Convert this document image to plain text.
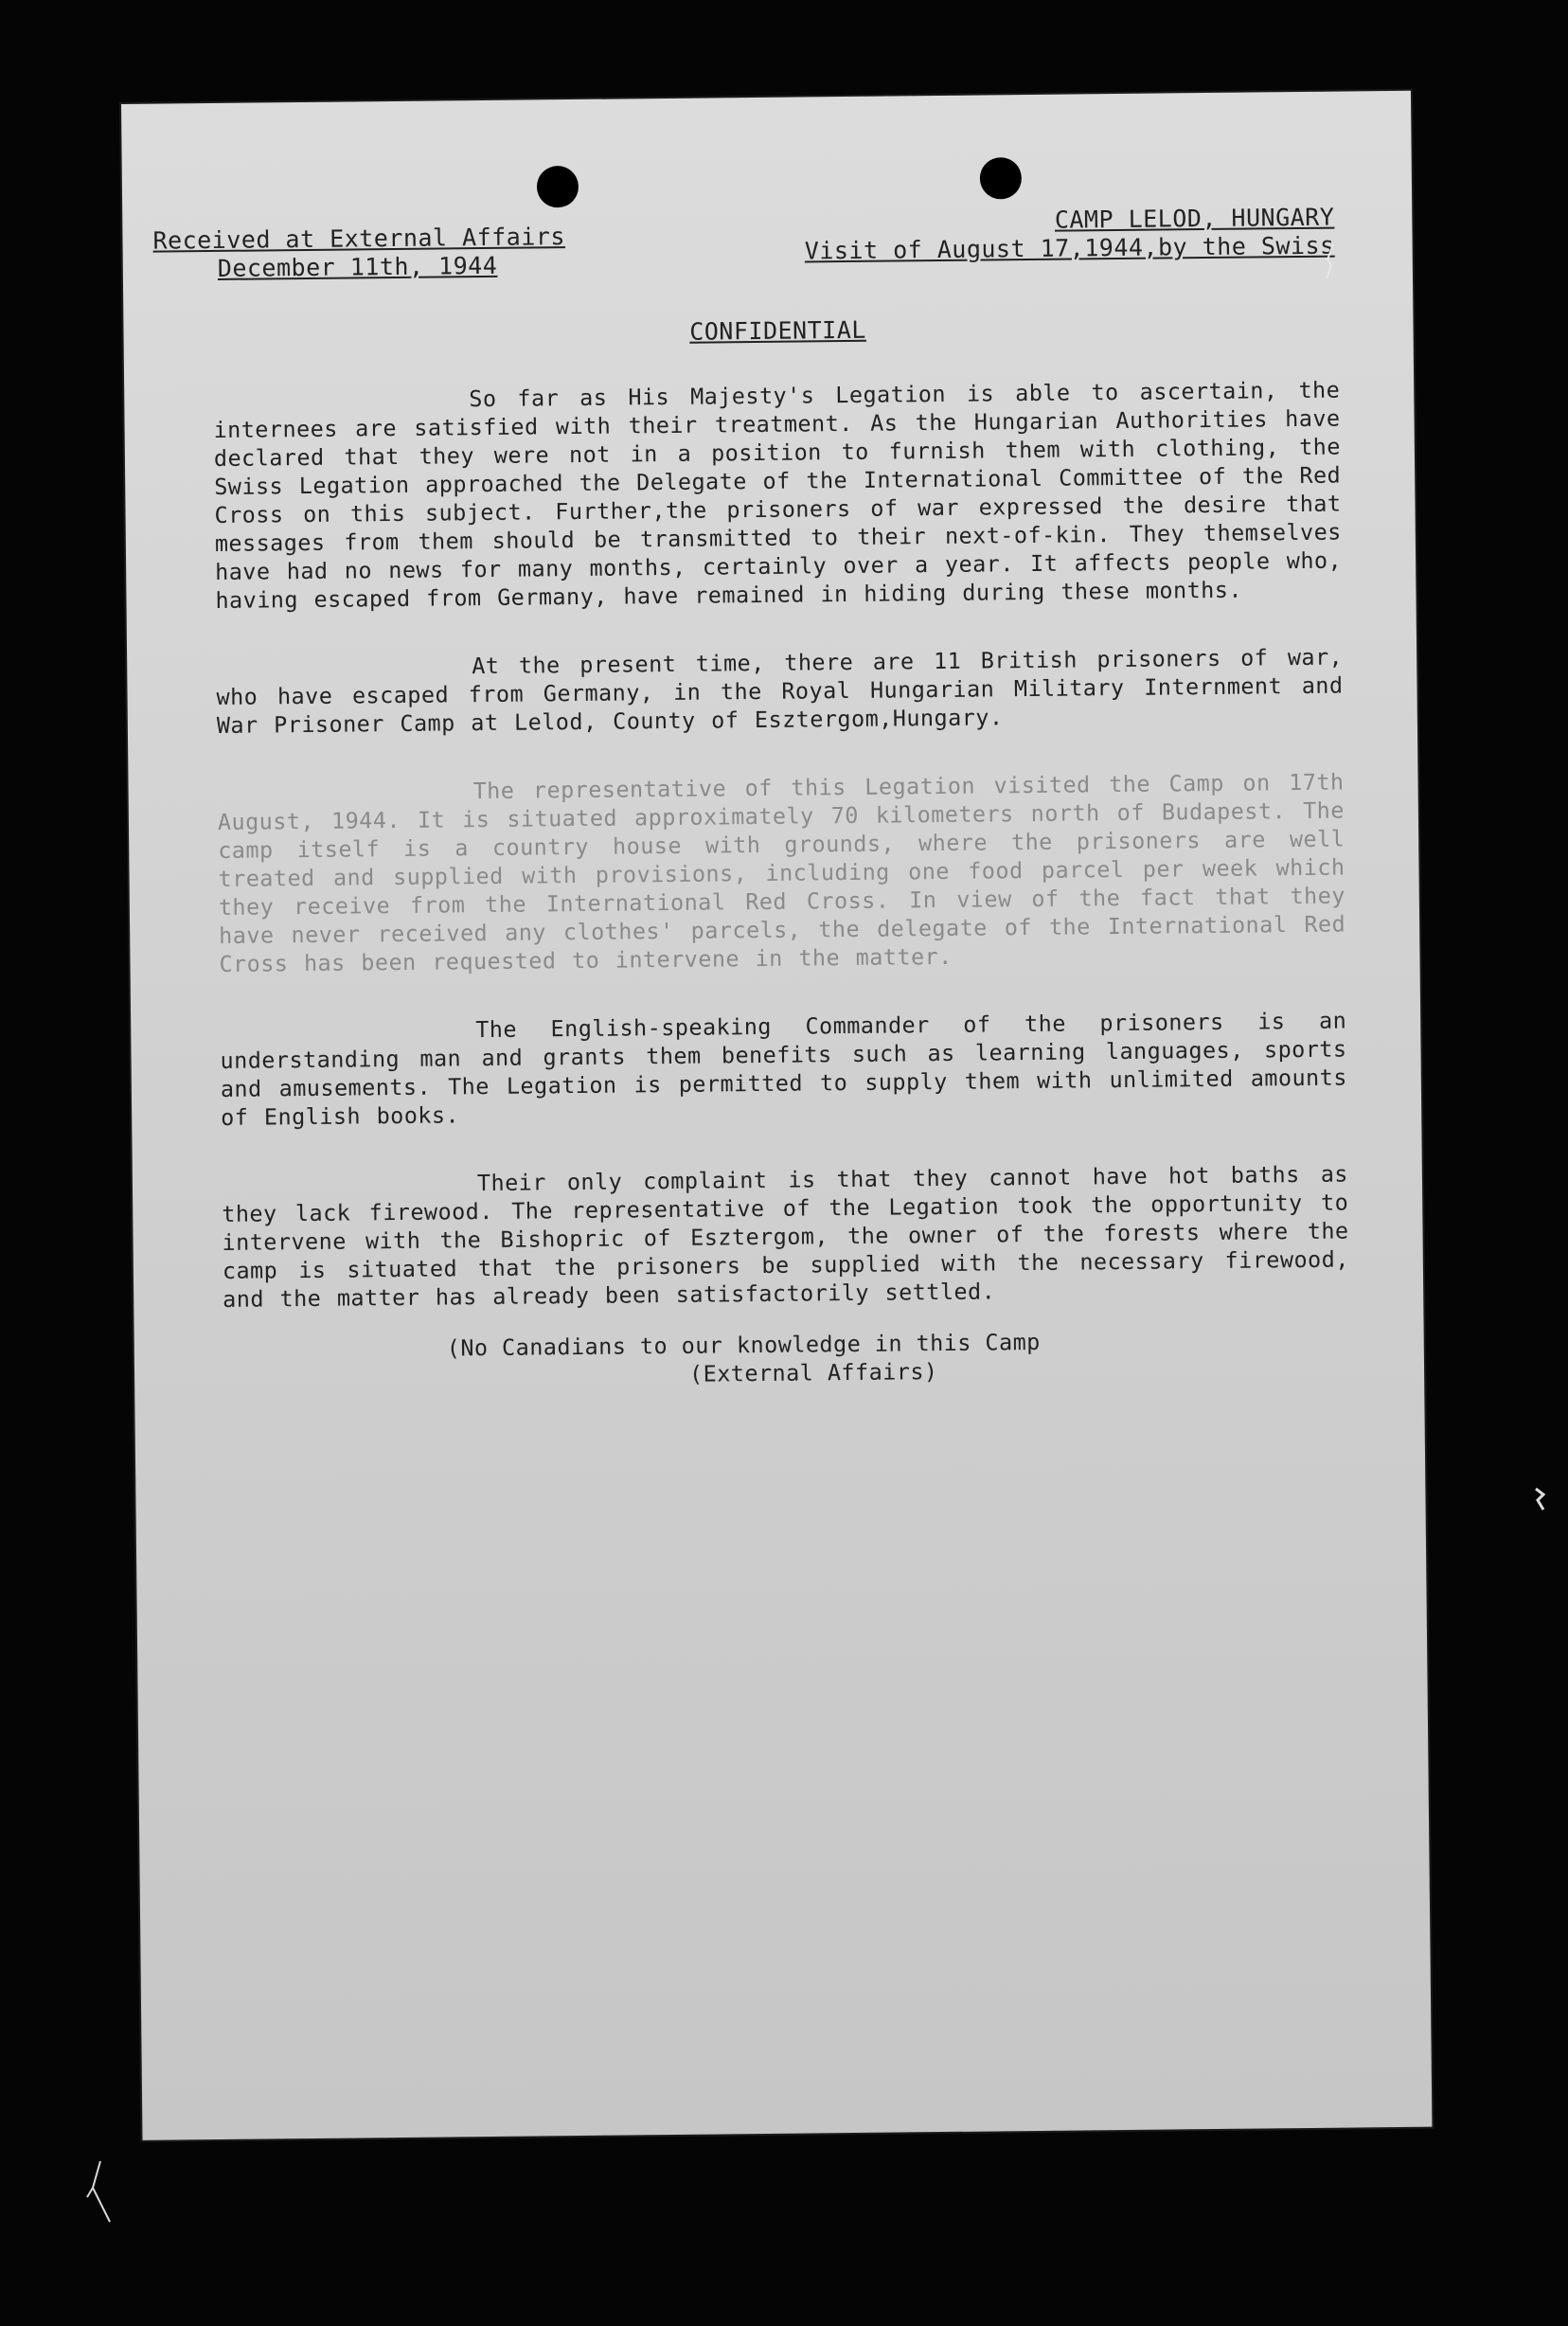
Received at External Affairs
December 11th, 1944
CAMP LELOD, HUNGARY
Visit of August 17,1944,by the Swiss
CONFIDENTIAL

So far as His Majesty's Legation is able to ascertain, the internees are satisfied with their treatment. As the Hungarian Authorities have declared that they were not in a position to furnish them with clothing, the Swiss Legation approached the Delegate of the International Committee of the Red Cross on this subject. Further,the prisoners of war expressed the desire that messages from them should be transmitted to their next-of-kin. They themselves have had no news for many months, certainly over a year. It affects people who, having escaped from Germany, have remained in hiding during these months.

At the present time, there are 11 British prisoners of war, who have escaped from Germany, in the Royal Hungarian Military Internment and War Prisoner Camp at Lelod, County of Esztergom,Hungary.

The representative of this Legation visited the Camp on 17th August, 1944. It is situated approximately 70 kilometers north of Budapest. The camp itself is a country house with grounds, where the prisoners are well treated and supplied with provisions, including one food parcel per week which they receive from the International Red Cross. In view of the fact that they have never received any clothes' parcels, the delegate of the International Red Cross has been requested to intervene in the matter.

The English-speaking Commander of the prisoners is an understanding man and grants them benefits such as learning languages, sports and amusements. The Legation is permitted to supply them with unlimited amounts of English books.

Their only complaint is that they cannot have hot baths as they lack firewood. The representative of the Legation took the opportunity to intervene with the Bishopric of Esztergom, the owner of the forests where the camp is situated that the prisoners be supplied with the necessary firewood, and the matter has already been satisfactorily settled.

(No Canadians to our knowledge in this Camp
(External Affairs)
